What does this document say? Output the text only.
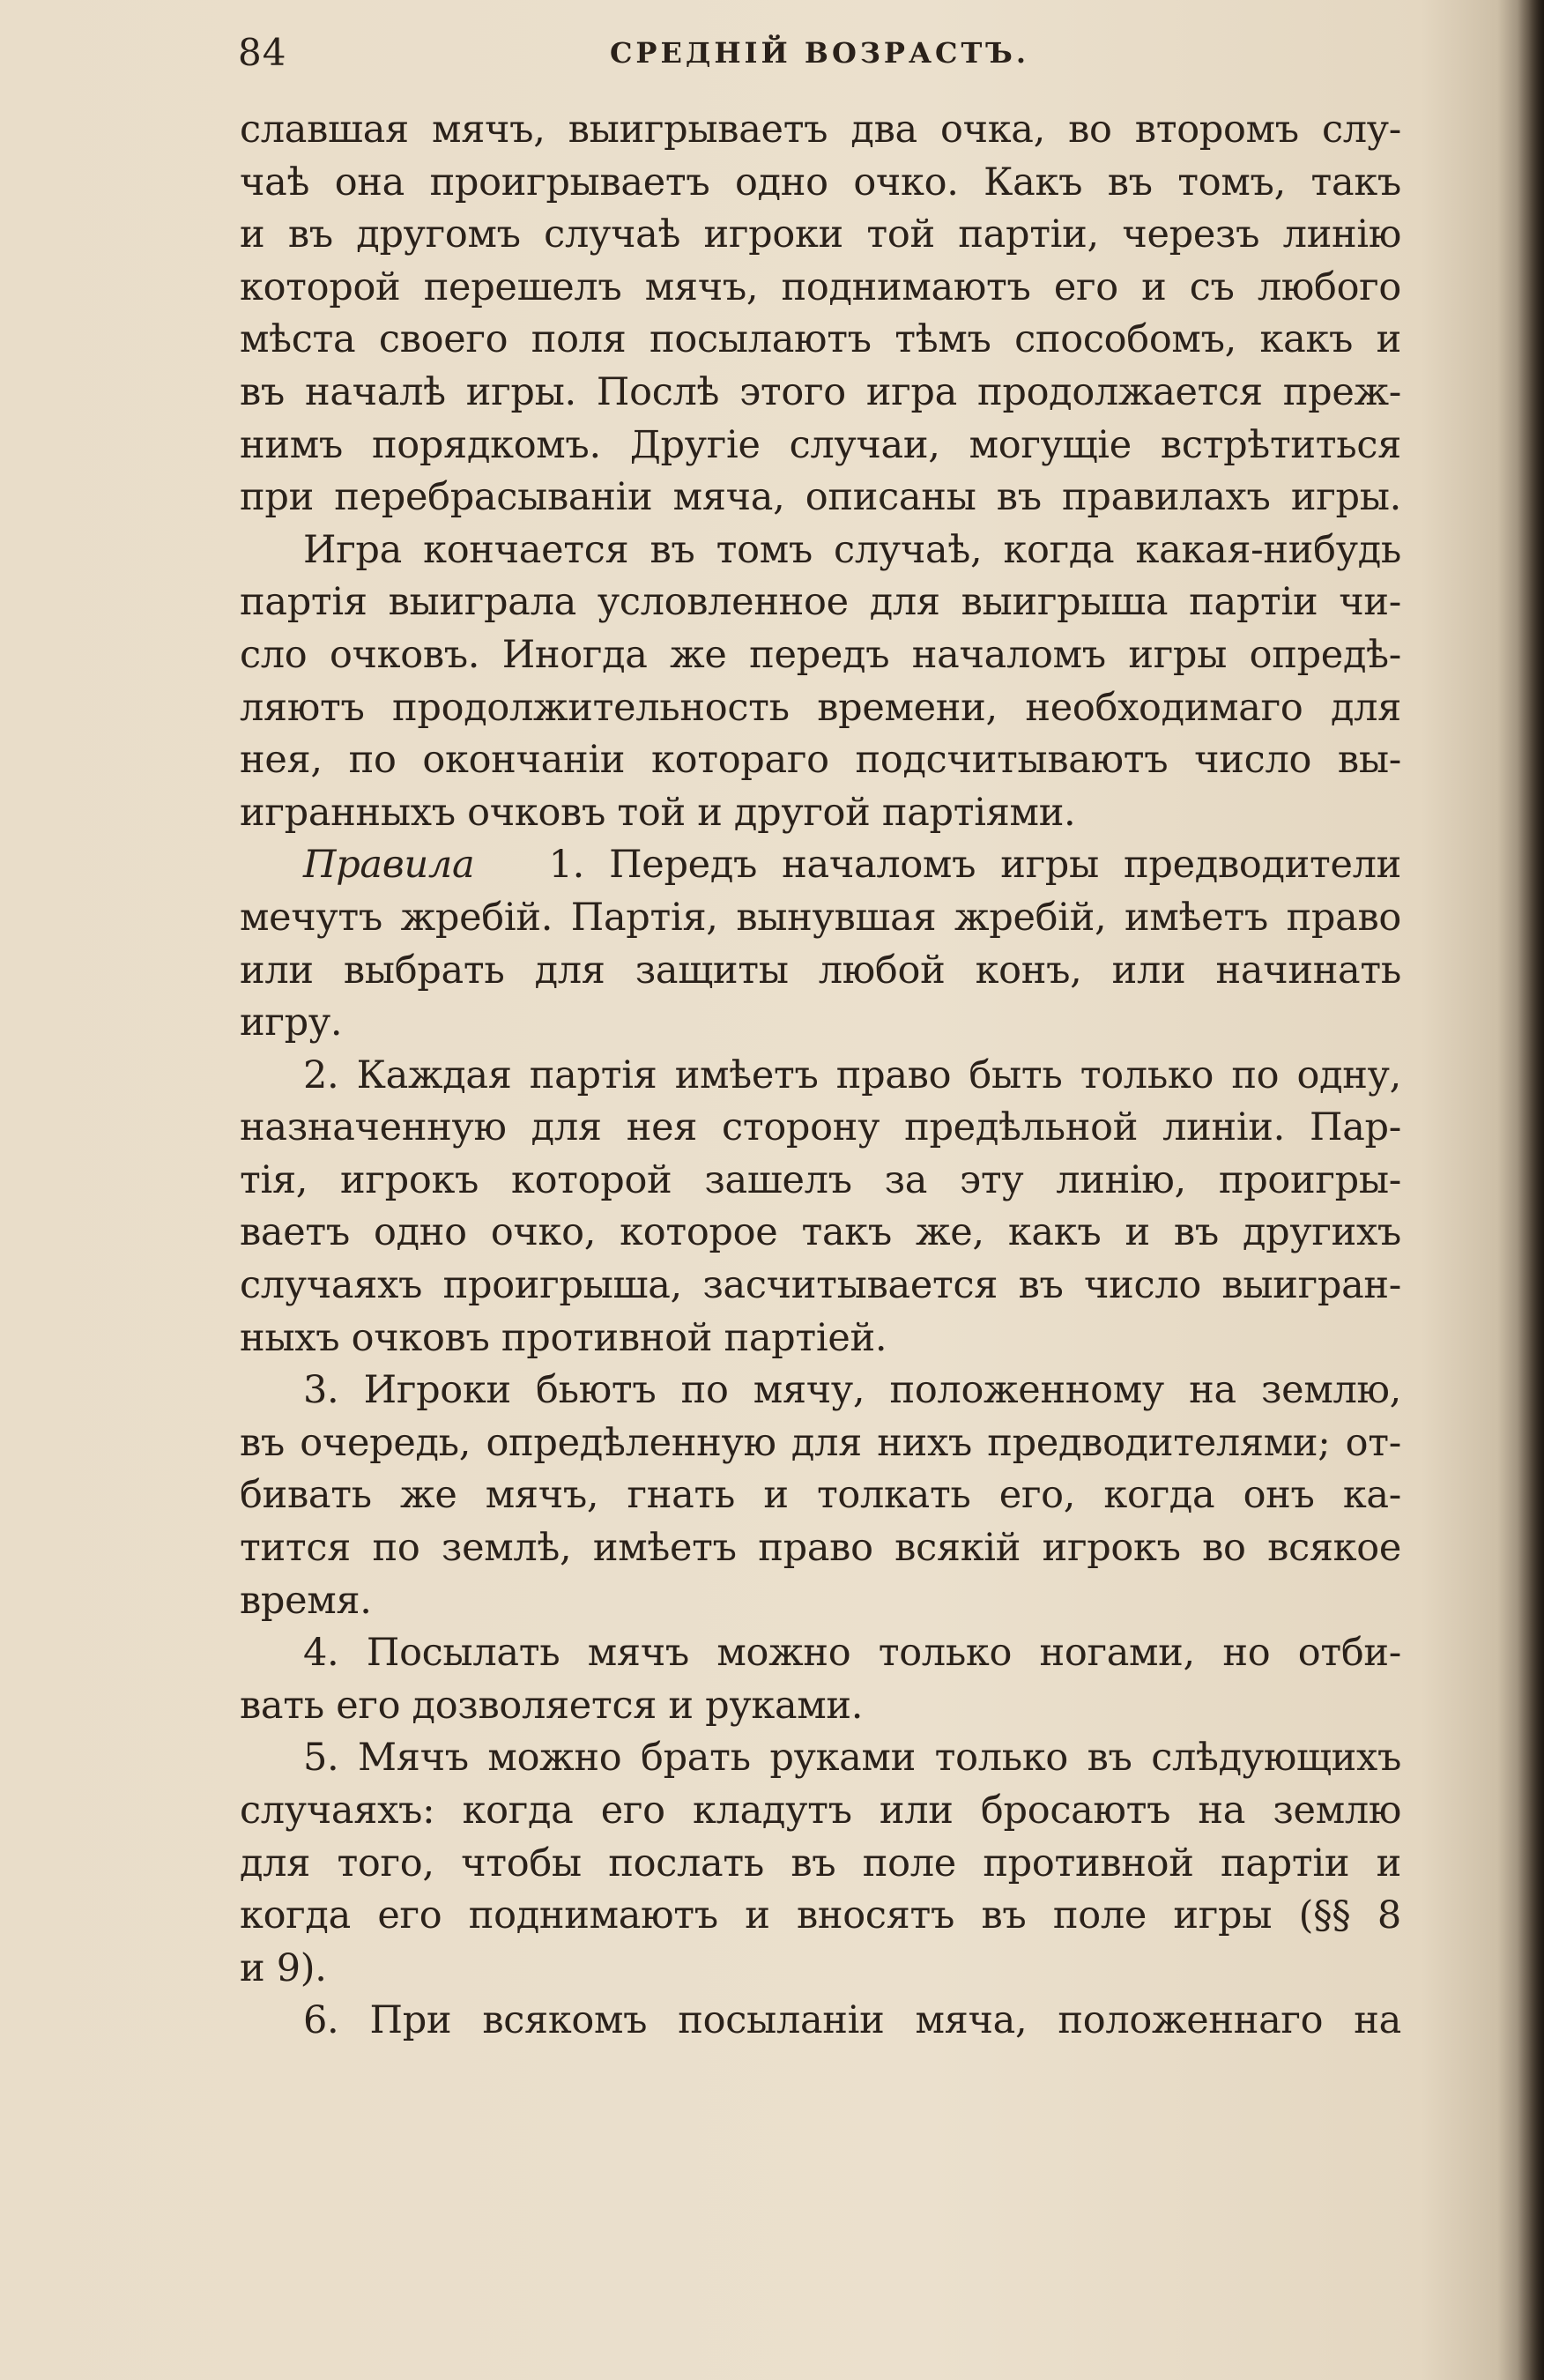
84	СРЕДНІЙ ВОЗРАСТЪ.
славшая мячъ, выигрываетъ два очка, во второмъ слу-
чаѣ она проигрываетъ одно очко. Какъ въ томъ, такъ
и въ другомъ случаѣ игроки той партіи, черезъ линію
которой перешелъ мячъ, поднимаютъ его и съ любого
мѣста своего поля посылаютъ тѣмъ способомъ, какъ и
въ началѣ игры. Послѣ этого игра продолжается преж-
нимъ порядкомъ. Другіе случаи, могущіе встрѣтиться
при перебрасываніи мяча, описаны въ правилахъ игры.
Игра кончается въ томъ случаѣ, когда какая-нибудь
партія выиграла условленное для выигрыша партіи чи-
сло очковъ. Иногда же передъ началомъ игры опредѣ-
ляютъ продолжительность времени, необходимаго для
нея, по окончаніи котораго подсчитываютъ число вы-
игранныхъ очковъ той и другой партіями.
Правила 1. Передъ началомъ игры предводители
мечутъ жребій. Партія, вынувшая жребій, имѣетъ право
или выбрать для защиты любой конъ, или начинать
игру.
2. Каждая партія имѣетъ право быть только по одну,
назначенную для нея сторону предѣльной линіи. Пар-
тія, игрокъ которой зашелъ за эту линію, проигры-
ваетъ одно очко, которое такъ же, какъ и въ другихъ
случаяхъ проигрыша, засчитывается въ число выигран-
ныхъ очковъ противной партіей.
3. Игроки бьютъ по мячу, положенному на землю,
въ очередь, опредѣленную для нихъ предводителями; от-
бивать же мячъ, гнать и толкать его, когда онъ ка-
тится по землѣ, имѣетъ право всякій игрокъ во всякое
время.
4. Посылать мячъ можно только ногами, но отби-
вать его дозволяется и руками.
5. Мячъ можно брать руками только въ слѣдующихъ
случаяхъ: когда его кладутъ или бросаютъ на землю
для того, чтобы послать въ поле противной партіи и
когда его поднимаютъ и вносятъ въ поле игры (§§ 8
и 9).
6. При всякомъ посыланіи мяча, положеннаго на
